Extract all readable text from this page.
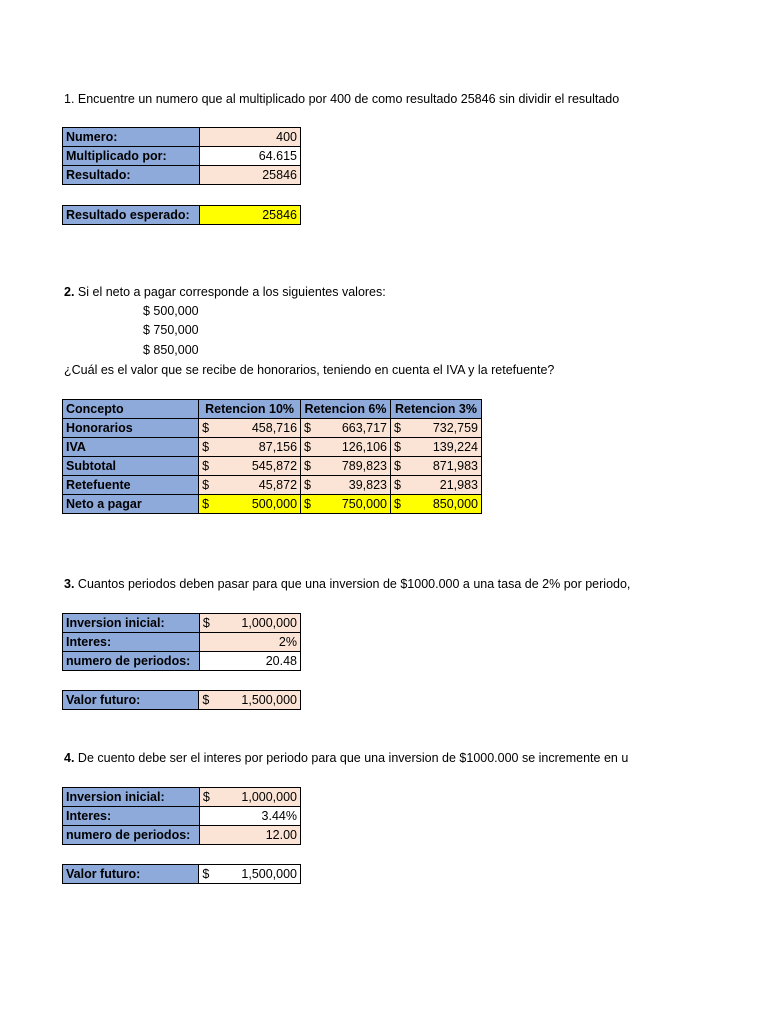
1. Encuentre un numero que al multiplicado por 400 de como resultado 25846 sin dividir el resultado
Numero:	400
Multiplicado por:	64.615
Resultado:	25846
Resultado esperado:	25846
2. Si el neto a pagar corresponde a los siguientes valores:
$ 500,000
$ 750,000
$ 850,000
¿Cuál es el valor que se recibe de honorarios, teniendo en cuenta el IVA y la retefuente?
Concepto	Retencion 10%	Retencion 6%	Retencion 3%
Honorarios	$ 458,716	$ 663,717	$ 732,759

IVA	$ 87,156	$ 126,106	$ 139,224

Subtotal	$ 545,872	$ 789,823	$ 871,983

Retefuente	$ 45,872	$ 39,823	$ 21,983

Neto a pagar	$ 500,000	$ 750,000	$ 850,000
3. Cuantos periodos deben pasar para que una inversion de $1000.000 a una tasa de 2% por periodo,
Inversion inicial:	$ 1,000,000

Interes:	2%
numero de periodos:	20.48
Valor futuro:	$	1,500,000
4. De cuento debe ser el interes por periodo para que una inversion de $1000.000 se incremente en u
Inversion inicial:	$ 1,000,000

Interes:	3.44%
numero de periodos:	12.00
Valor futuro:	$	1,500,000
